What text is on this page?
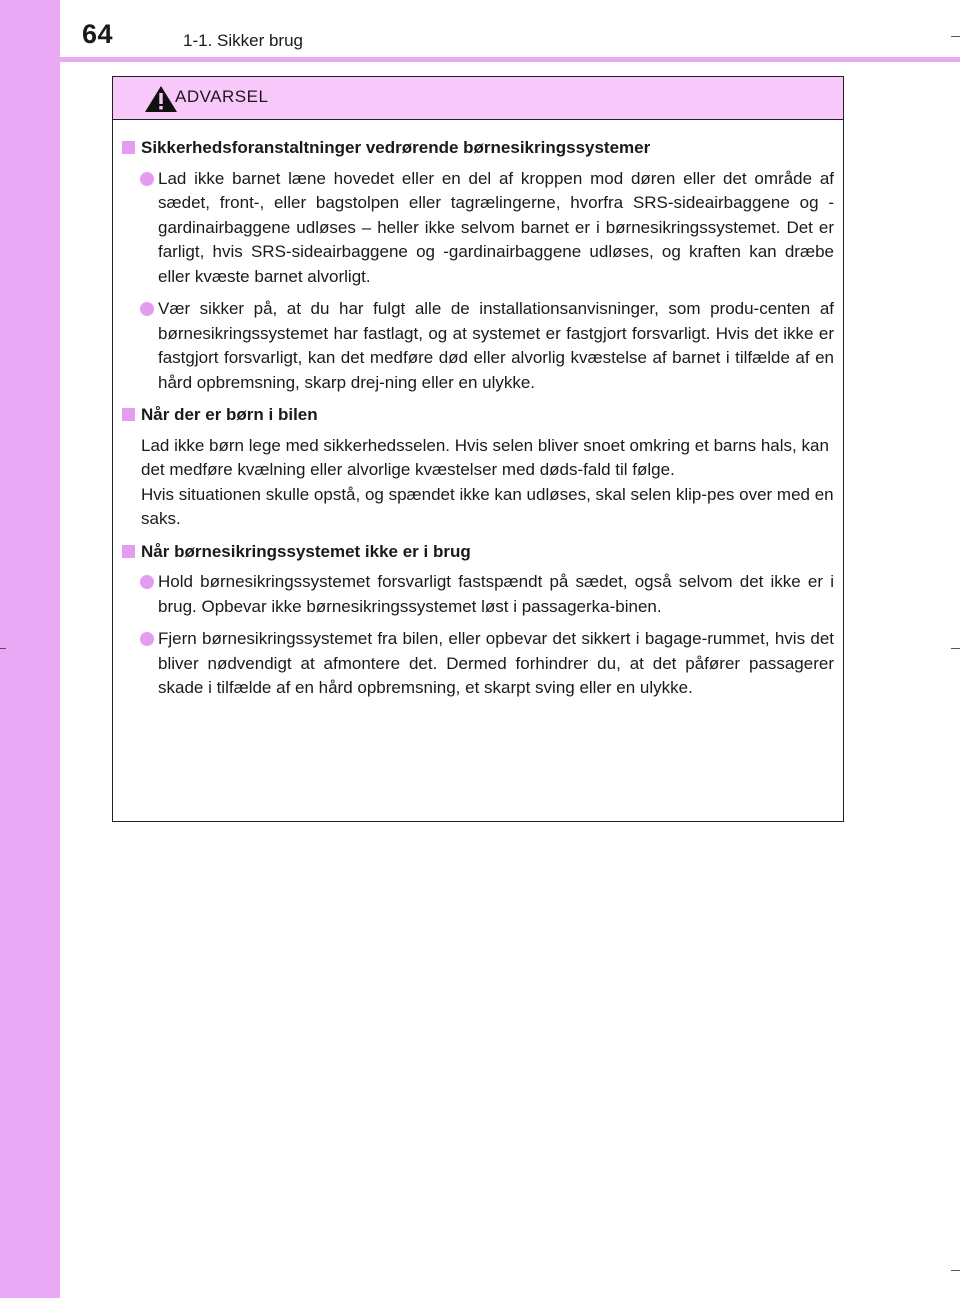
64	1-1. Sikker brug
ADVARSEL
Sikkerhedsforanstaltninger vedrørende børnesikringssystemer
Lad ikke barnet læne hovedet eller en del af kroppen mod døren eller det område af sædet, front-, eller bagstolpen eller tagrælingerne, hvorfra SRS-sideairbaggene og -gardinairbaggene udløses – heller ikke selvom barnet er i børnesikringssystemet. Det er farligt, hvis SRS-sideairbaggene og -gardinairbaggene udløses, og kraften kan dræbe eller kvæste barnet alvorligt.
Vær sikker på, at du har fulgt alle de installationsanvisninger, som produ-centen af børnesikringssystemet har fastlagt, og at systemet er fastgjort forsvarligt. Hvis det ikke er fastgjort forsvarligt, kan det medføre død eller alvorlig kvæstelse af barnet i tilfælde af en hård opbremsning, skarp drej-ning eller en ulykke.
Når der er børn i bilen
Lad ikke børn lege med sikkerhedsselen. Hvis selen bliver snoet omkring et barns hals, kan det medføre kvælning eller alvorlige kvæstelser med døds-fald til følge.
Hvis situationen skulle opstå, og spændet ikke kan udløses, skal selen klip-pes over med en saks.
Når børnesikringssystemet ikke er i brug
Hold børnesikringssystemet forsvarligt fastspændt på sædet, også selvom det ikke er i brug. Opbevar ikke børnesikringssystemet løst i passagerka-binen.
Fjern børnesikringssystemet fra bilen, eller opbevar det sikkert i bagage-rummet, hvis det bliver nødvendigt at afmontere det. Dermed forhindrer du, at det påfører passagerer skade i tilfælde af en hård opbremsning, et skarpt sving eller en ulykke.
